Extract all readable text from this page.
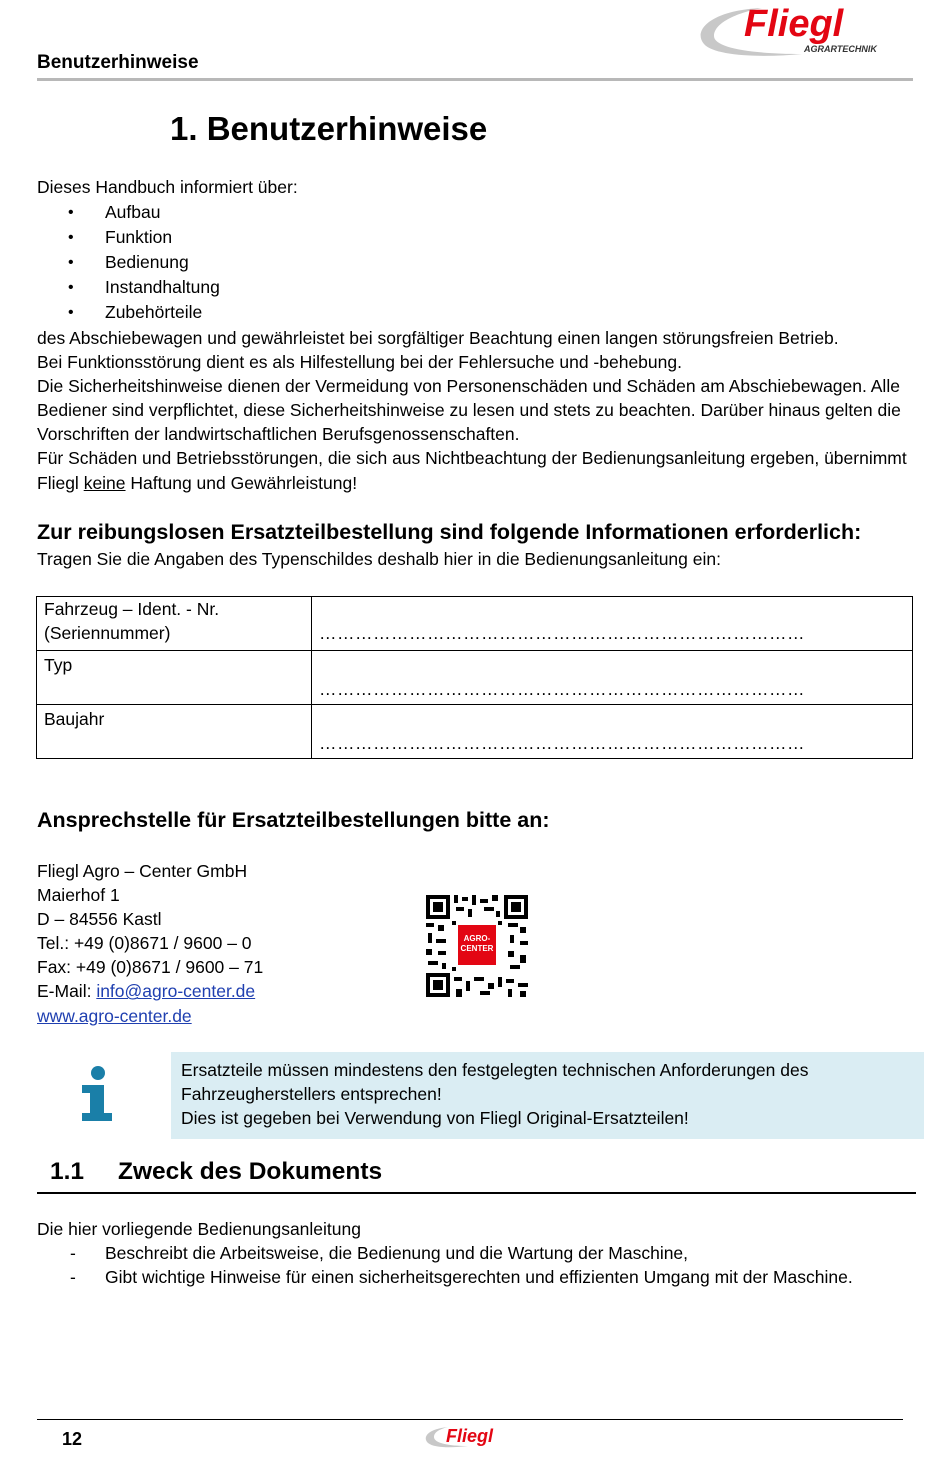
Benutzerhinweise
Fliegl
AGRARTECHNIK
1. Benutzerhinweise
Dieses Handbuch informiert über:
• Aufbau
• Funktion
• Bedienung
• Instandhaltung
• Zubehörteile
des Abschiebewagen und gewährleistet bei sorgfältiger Beachtung einen langen störungsfreien Betrieb.
Bei Funktionsstörung dient es als Hilfestellung bei der Fehlersuche und -behebung.
Die Sicherheitshinweise dienen der Vermeidung von Personenschäden und Schäden am Abschiebewagen. Alle Bediener sind verpflichtet, diese Sicherheitshinweise zu lesen und stets zu beachten. Darüber hinaus gelten die Vorschriften der landwirtschaftlichen Berufsgenossenschaften.
Für Schäden und Betriebsstörungen, die sich aus Nichtbeachtung der Bedienungsanleitung ergeben, übernimmt Fliegl keine Haftung und Gewährleistung!
Zur reibungslosen Ersatzteilbestellung sind folgende Informationen erforderlich:
Tragen Sie die Angaben des Typenschildes deshalb hier in die Bedienungsanleitung ein:
Fahrzeug – Ident. - Nr.
(Seriennummer)	………………………………………………………………………

Typ	………………………………………………………………………

Baujahr	………………………………………………………………………
Ansprechstelle für Ersatzteilbestellungen bitte an:
Fliegl Agro – Center GmbH
Maierhof 1
D – 84556 Kastl
Tel.: +49 (0)8671 / 9600 – 0
Fax: +49 (0)8671 / 9600 – 71
E-Mail: info@agro-center.de
www.agro-center.de
AGRO-
CENTER
Ersatzteile müssen mindestens den festgelegten technischen Anforderungen des Fahrzeugherstellers entsprechen!
Dies ist gegeben bei Verwendung von Fliegl Original-Ersatzteilen!
1.1 Zweck des Dokuments
Die hier vorliegende Bedienungsanleitung
- Beschreibt die Arbeitsweise, die Bedienung und die Wartung der Maschine,
- Gibt wichtige Hinweise für einen sicherheitsgerechten und effizienten Umgang mit der Maschine.
12	Fliegl
